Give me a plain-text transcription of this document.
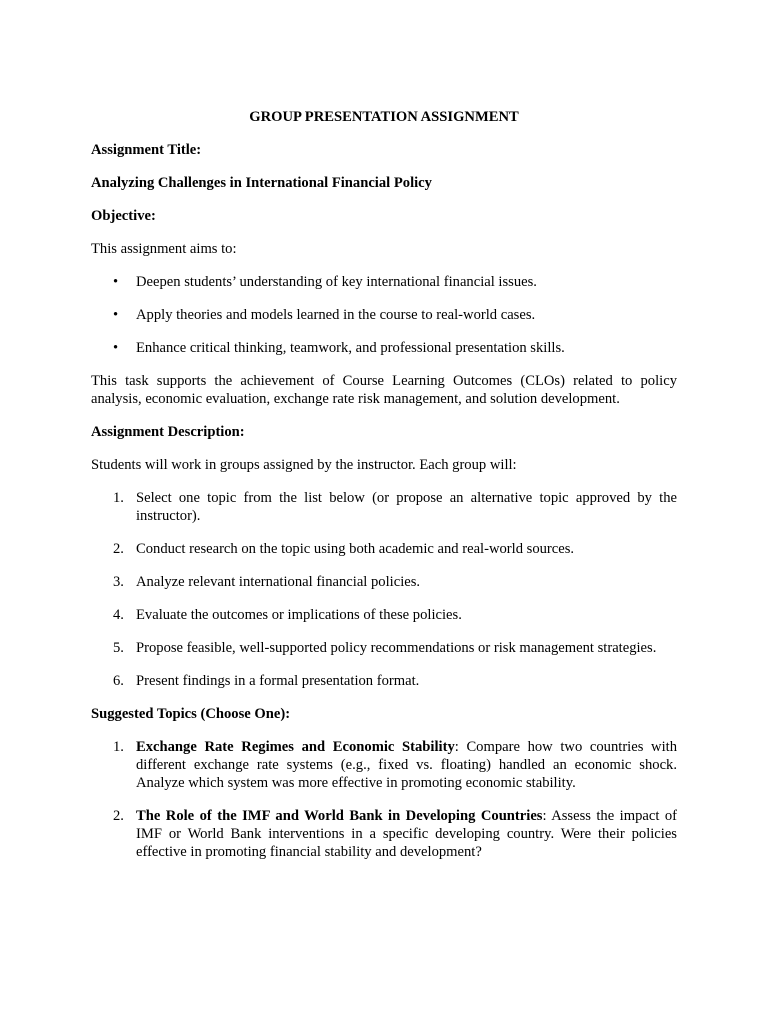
GROUP PRESENTATION ASSIGNMENT
Assignment Title:
Analyzing Challenges in International Financial Policy
Objective:

This assignment aims to:

• Deepen students’ understanding of key international financial issues.
• Apply theories and models learned in the course to real-world cases.
• Enhance critical thinking, teamwork, and professional presentation skills.

This task supports the achievement of Course Learning Outcomes (CLOs) related to policy analysis, economic evaluation, exchange rate risk management, and solution development.

Assignment Description:

Students will work in groups assigned by the instructor. Each group will:

1. Select one topic from the list below (or propose an alternative topic approved by the instructor).
2. Conduct research on the topic using both academic and real-world sources.
3. Analyze relevant international financial policies.
4. Evaluate the outcomes or implications of these policies.
5. Propose feasible, well-supported policy recommendations or risk management strategies.
6. Present findings in a formal presentation format.
Suggested Topics (Choose One):
1. Exchange Rate Regimes and Economic Stability: Compare how two countries with different exchange rate systems (e.g., fixed vs. floating) handled an economic shock. Analyze which system was more effective in promoting economic stability.
2. The Role of the IMF and World Bank in Developing Countries: Assess the impact of IMF or World Bank interventions in a specific developing country. Were their policies effective in promoting financial stability and development?
